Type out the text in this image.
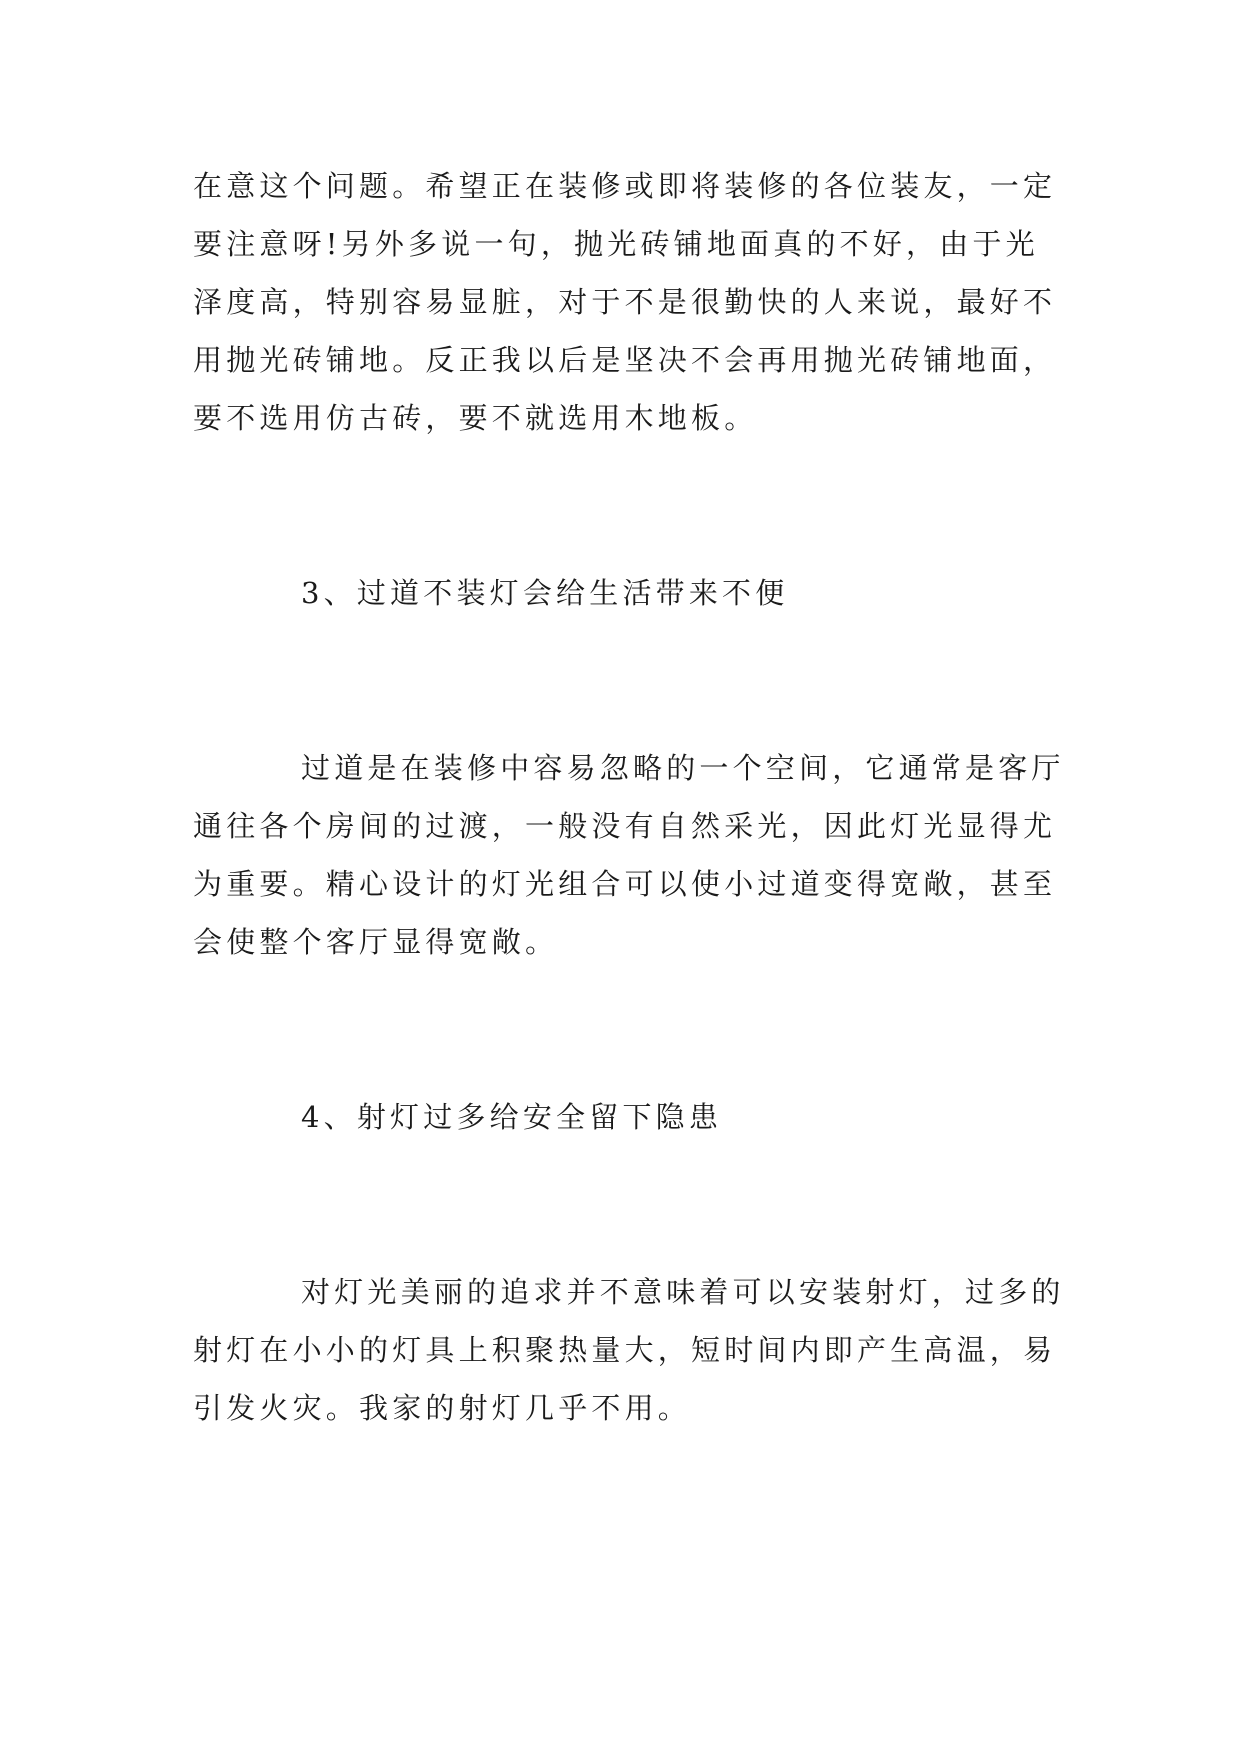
在意这个问题。希望正在装修或即将装修的各位装友，一定
要注意呀!另外多说一句，抛光砖铺地面真的不好，由于光
泽度高，特别容易显脏，对于不是很勤快的人来说，最好不
用抛光砖铺地。反正我以后是坚决不会再用抛光砖铺地面，
要不选用仿古砖，要不就选用木地板。
3、过道不装灯会给生活带来不便
过道是在装修中容易忽略的一个空间，它通常是客厅
通往各个房间的过渡，一般没有自然采光，因此灯光显得尤
为重要。精心设计的灯光组合可以使小过道变得宽敞，甚至
会使整个客厅显得宽敞。
4、射灯过多给安全留下隐患
对灯光美丽的追求并不意味着可以安装射灯，过多的
射灯在小小的灯具上积聚热量大，短时间内即产生高温，易
引发火灾。我家的射灯几乎不用。
